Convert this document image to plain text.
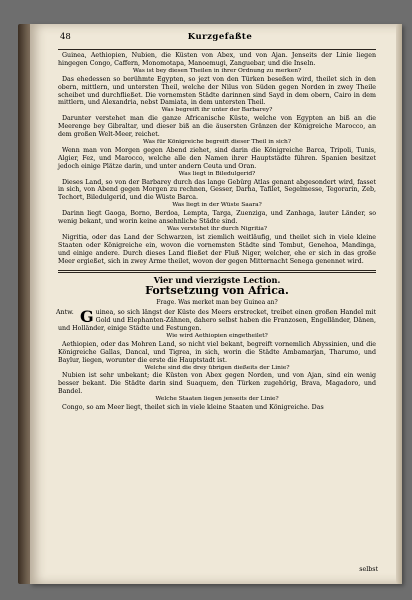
48	Kurzgefaßte

Guinea, Aethiopien, Nubien, die Küsten von Abex, und von Ajan. Jenseits der Linie liegen hingegen Congo, Caffern, Monomotapa, Manoemugi, Zanguebar, und die Inseln.

Was ist bey diesen Theilen in ihrer Ordnung zu merken?

Das ehedessen so berühmte Egypten, so jezt von den Türken beseßen wird, theilet sich in den obern, mittlern, und untersten Theil, welche der Nilus von Süden gegen Norden in zwey Theile scheibet und durchfließet. Die vornemsten Städte darinnen sind Sayd in dem obern, Cairo in dem mittlern, und Alexandria, nebst Damiata, in dem untersten Theil.

Was begreift ihr unter der Barbarey?

Darunter verstehet man die ganze Africanische Küste, welche von Egypten an biß an die Meerenge bey Gibraltar, und dieser biß an die äusersten Gränzen der Königreiche Marocco, an dem großen Welt-Meer, reichet.

Was für Königreiche begreift dieser Theil in sich?

Wenn man von Morgen gegen Abend ziehet, sind darin die Königreiche Barca, Tripoli, Tunis, Algier, Fez, und Marocco, welche alle den Namen ihrer Hauptstädte führen. Spanien besitzet jedoch einige Plätze darin, und unter andern Ceuta und Oran.

Was liegt in Biledulgerid?

Dieses Land, so von der Barbarey durch das lange Gebürg Atlas genant abgesondert wird, fasset in sich, von Abend gegen Morgen zu rechnen, Gesser, Darha, Tafilet, Segelmesse, Tegorarin, Zeb, Techort, Biledulgerid, und die Wüste Barca.

Was liegt in der Wüste Saara?

Darinn liegt Gaoga, Borno, Berdoa, Lempta, Targa, Zuenziga, und Zanhaga, lauter Länder, so wenig bekant, und worin keine ansehnliche Städte sind.

Was verstehet ihr durch Nigritia?

Nigritia, oder das Land der Schwarzen, ist ziemlich weitläufig, und theilet sich in viele kleine Staaten oder Königreiche ein, wovon die vornemsten Städte sind Tombut, Genehoa, Mandinga, und einige andere. Durch dieses Land fließet der Fluß Niger, welcher, ehe er sich in das große Meer ergießet, sich in zwey Arme theilet, wovon der gegen Mitternacht Senega genennet wird.

Vier und vierzigste Lection.
Fortsetzung von Africa.
Frage. Was merket man bey Guinea an?
Antw. G uinea, so sich längst der Küste des Meers erstrecket, treibet einen großen Handel mit Gold und Elephanten-Zähnen, dahero selbst haben die Franzosen, Engelländer, Dänen, und Holländer, einige Städte und Festungen.

Wie wird Aethiopien eingetheilet?

Aethiopien, oder das Mohren Land, so nicht viel bekant, begreift vornemlich Abyssinien, und die Königreiche Gallas, Dancal, und Tigrea, in sich, worin die Städte Ambamarjan, Tharumo, und Baylur, liegen, worunter die erste die Hauptstadt ist.

Welche sind die drey übrigen dießeits der Linie?

Nubien ist sehr unbekant; die Küsten von Abex gegen Norden, und von Ajan, sind ein wenig besser bekant. Die Städte darin sind Suaquem, den Türken zugehörig, Brava, Magadoro, und Bandel.

Welche Staaten liegen jenseits der Linie?

Congo, so am Meer liegt, theilet sich in viele kleine Staaten und Königreiche. Das

selbst
